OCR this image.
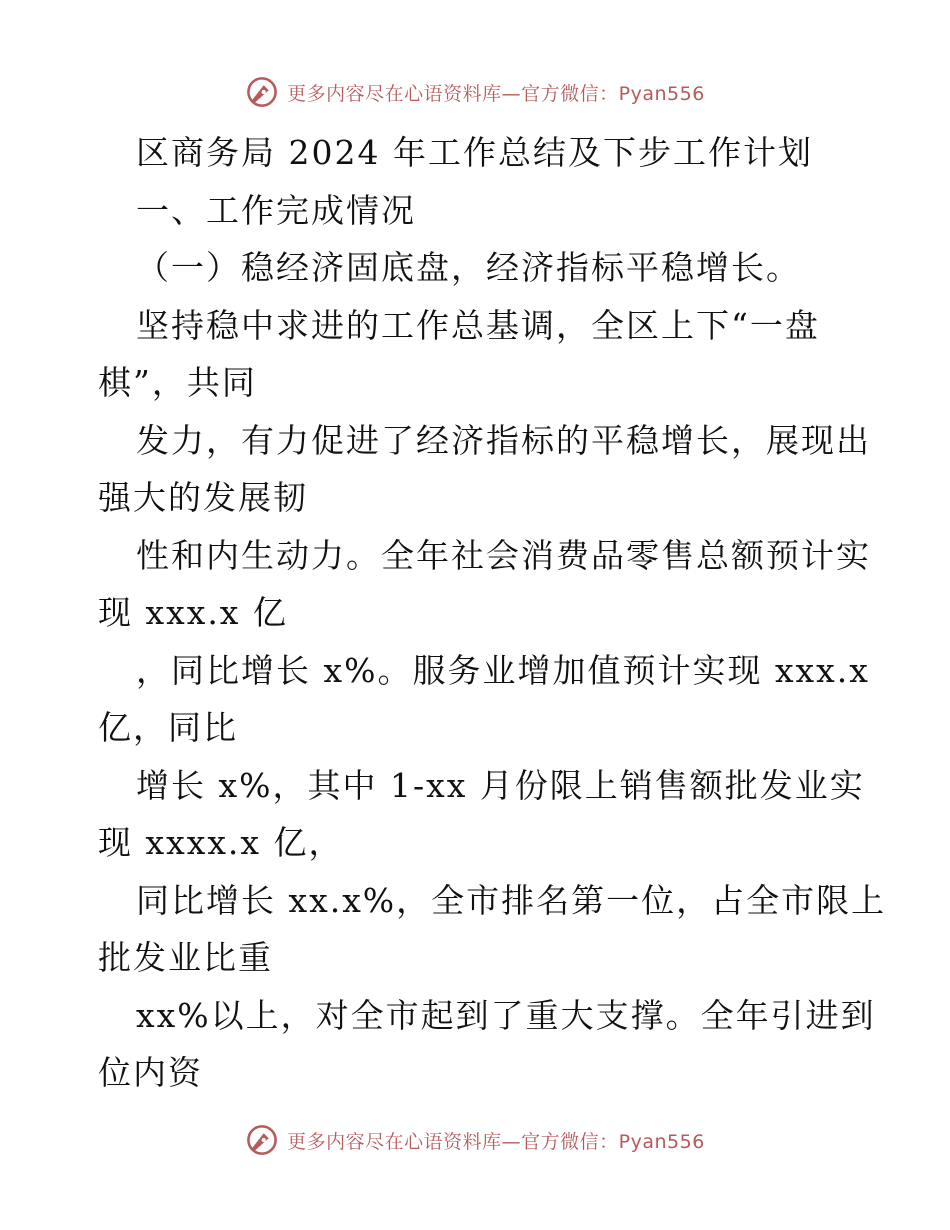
更多内容尽在心语资料库—官方微信：Pyan556
区商务局 2024 年工作总结及下步工作计划
一、工作完成情况
（一）稳经济固底盘，经济指标平稳增长。
坚持稳中求进的工作总基调，全区上下“一盘
棋”，共同
发力，有力促进了经济指标的平稳增长，展现出
强大的发展韧
性和内生动力。全年社会消费品零售总额预计实
现 xxx.x 亿
，同比增长 x%。服务业增加值预计实现 xxx.x
亿，同比
增长 x%，其中 1-xx 月份限上销售额批发业实
现 xxxx.x 亿，
同比增长 xx.x%，全市排名第一位，占全市限上
批发业比重
xx%以上，对全市起到了重大支撑。全年引进到
位内资
更多内容尽在心语资料库—官方微信：Pyan556
